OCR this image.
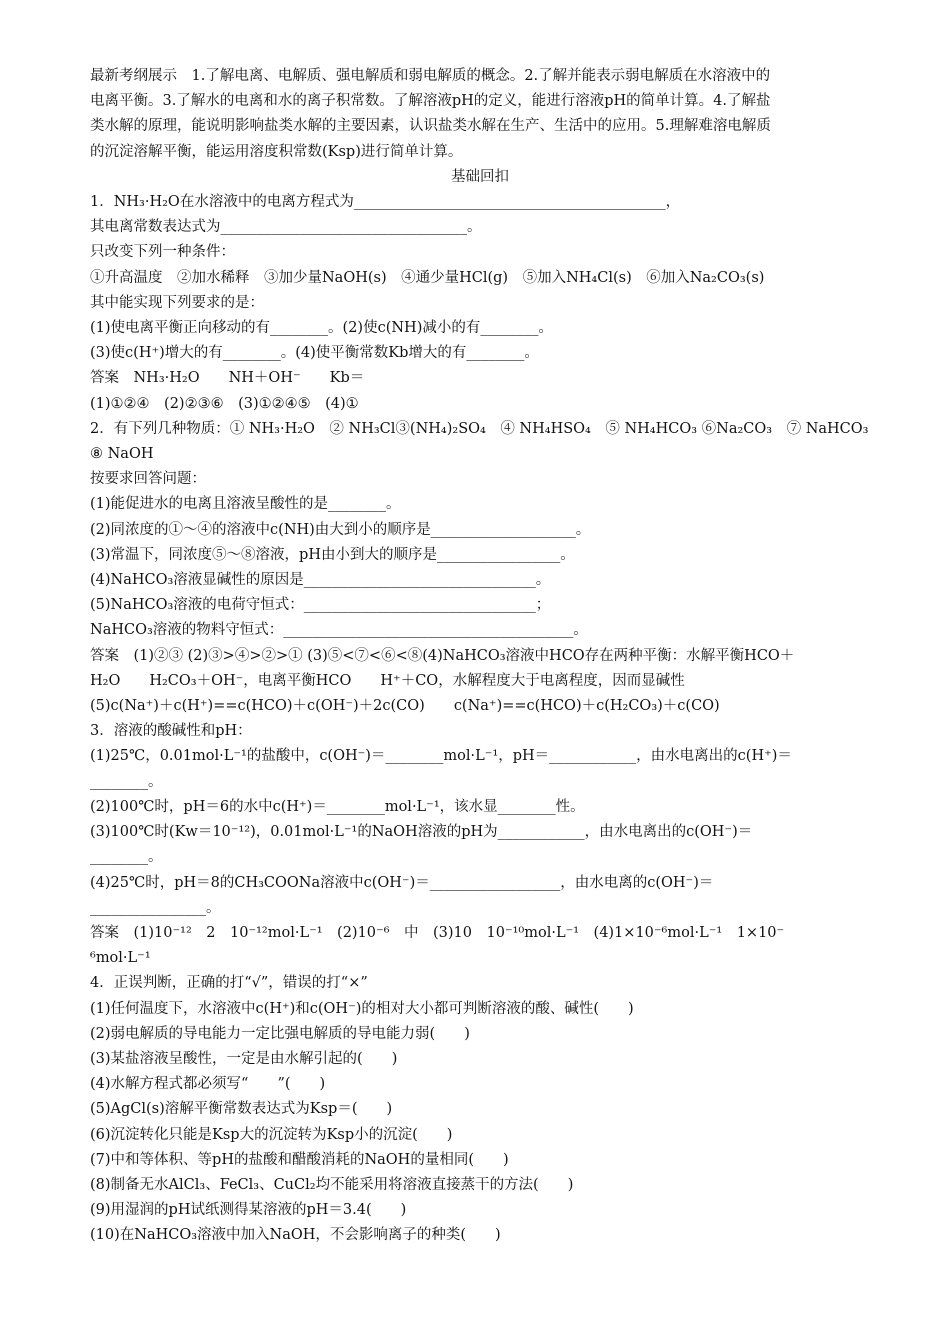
最新考纲展示　1.了解电离、电解质、强电解质和弱电解质的概念。2.了解并能表示弱电解质在水溶液中的
电离平衡。3.了解水的电离和水的离子积常数。了解溶液pH的定义，能进行溶液pH的简单计算。4.了解盐
类水解的原理，能说明影响盐类水解的主要因素，认识盐类水解在生产、生活中的应用。5.理解难溶电解质
的沉淀溶解平衡，能运用溶度积常数(Ksp)进行简单计算。
基础回扣
1．NH₃·H₂O在水溶液中的电离方程式为___________________________________________，
其电离常数表达式为__________________________________。
只改变下列一种条件：
①升高温度　②加水稀释　③加少量NaOH(s)　④通少量HCl(g)　⑤加入NH₄Cl(s)　⑥加入Na₂CO₃(s)
其中能实现下列要求的是：
(1)使电离平衡正向移动的有________。(2)使c(NH)减小的有________。
(3)使c(H⁺)增大的有________。(4)使平衡常数Kb增大的有________。
答案　NH₃·H₂O　　NH＋OH⁻　　Kb＝
(1)①②④　(2)②③⑥　(3)①②④⑤　(4)①
2．有下列几种物质：① NH₃·H₂O　② NH₃Cl③(NH₄)₂SO₄　④ NH₄HSO₄　⑤ NH₄HCO₃ ⑥Na₂CO₃　⑦ NaHCO₃
⑧ NaOH
按要求回答问题：
(1)能促进水的电离且溶液呈酸性的是________。
(2)同浓度的①～④的溶液中c(NH)由大到小的顺序是____________________。
(3)常温下，同浓度⑤～⑧溶液，pH由小到大的顺序是_________________。
(4)NaHCO₃溶液显碱性的原因是________________________________。
(5)NaHCO₃溶液的电荷守恒式：________________________________；
NaHCO₃溶液的物料守恒式：________________________________________。
答案　(1)②③ (2)③>④>②>① (3)⑤<⑦<⑥<⑧(4)NaHCO₃溶液中HCO存在两种平衡：水解平衡HCO＋
H₂O　　H₂CO₃＋OH⁻，电离平衡HCO　　H⁺＋CO，水解程度大于电离程度，因而显碱性
(5)c(Na⁺)＋c(H⁺)==c(HCO)＋c(OH⁻)＋2c(CO)　　c(Na⁺)==c(HCO)＋c(H₂CO₃)＋c(CO)
3．溶液的酸碱性和pH：
(1)25℃，0.01mol·L⁻¹的盐酸中，c(OH⁻)＝________mol·L⁻¹，pH＝____________，由水电离出的c(H⁺)＝
________。
(2)100℃时，pH＝6的水中c(H⁺)＝________mol·L⁻¹，该水显________性。
(3)100℃时(Kw＝10⁻¹²)，0.01mol·L⁻¹的NaOH溶液的pH为____________，由水电离出的c(OH⁻)＝
________。
(4)25℃时，pH＝8的CH₃COONa溶液中c(OH⁻)＝__________________，由水电离的c(OH⁻)＝
________________。
答案　(1)10⁻¹²　2　10⁻¹²mol·L⁻¹　(2)10⁻⁶　中　(3)10　10⁻¹⁰mol·L⁻¹　(4)1×10⁻⁶mol·L⁻¹　1×10⁻
⁶mol·L⁻¹
4．正误判断，正确的打“√”，错误的打“×”
(1)任何温度下，水溶液中c(H⁺)和c(OH⁻)的相对大小都可判断溶液的酸、碱性(　　)
(2)弱电解质的导电能力一定比强电解质的导电能力弱(　　)
(3)某盐溶液呈酸性，一定是由水解引起的(　　)
(4)水解方程式都必须写“　　”(　　)
(5)AgCl(s)溶解平衡常数表达式为Ksp＝(　　)
(6)沉淀转化只能是Ksp大的沉淀转为Ksp小的沉淀(　　)
(7)中和等体积、等pH的盐酸和醋酸消耗的NaOH的量相同(　　)
(8)制备无水AlCl₃、FeCl₃、CuCl₂均不能采用将溶液直接蒸干的方法(　　)
(9)用湿润的pH试纸测得某溶液的pH＝3.4(　　)
(10)在NaHCO₃溶液中加入NaOH，不会影响离子的种类(　　)
